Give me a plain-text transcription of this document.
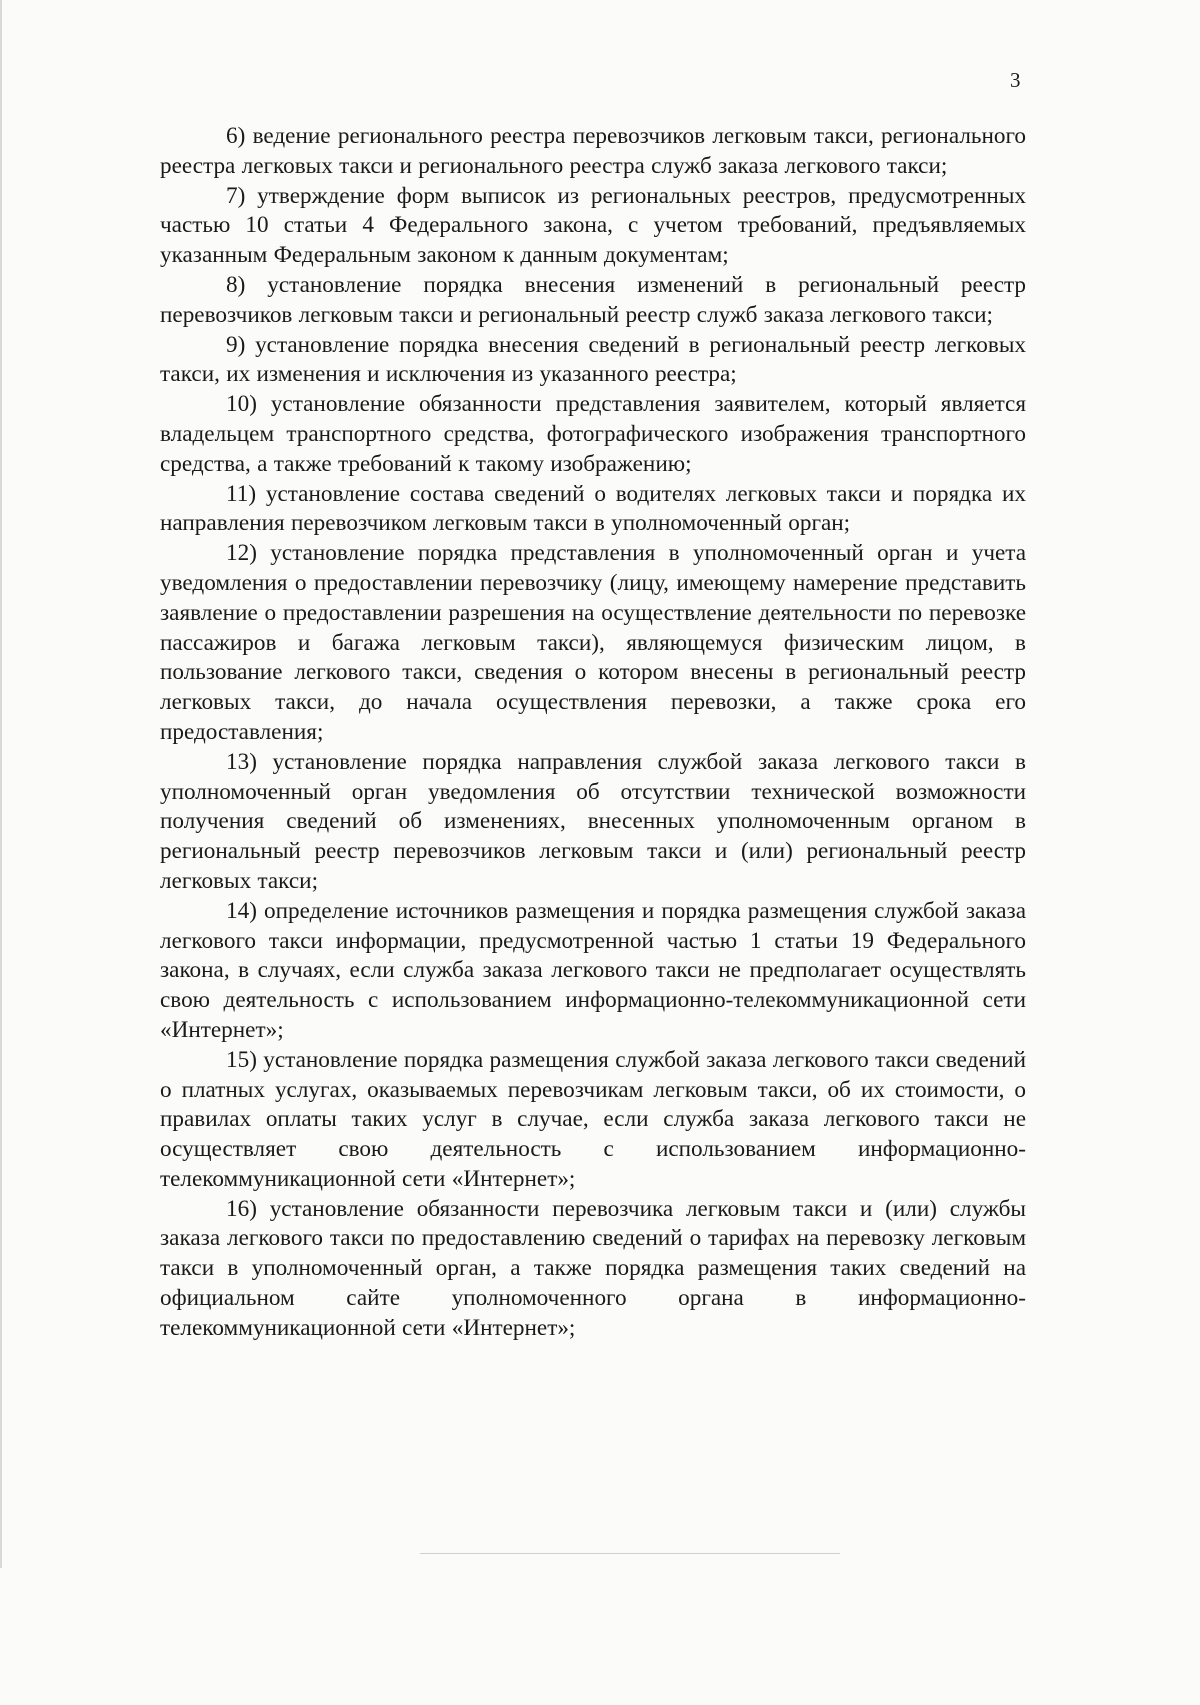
3

6) ведение регионального реестра перевозчиков легковым такси, регионального реестра легковых такси и регионального реестра служб заказа легкового такси;

7) утверждение форм выписок из региональных реестров, предусмотренных частью 10 статьи 4 Федерального закона, с учетом требований, предъявляемых указанным Федеральным законом к данным документам;

8) установление порядка внесения изменений в региональный реестр перевозчиков легковым такси и региональный реестр служб заказа легкового такси;

9) установление порядка внесения сведений в региональный реестр легковых такси, их изменения и исключения из указанного реестра;

10) установление обязанности представления заявителем, который является владельцем транспортного средства, фотографического изображения транспортного средства, а также требований к такому изображению;

11) установление состава сведений о водителях легковых такси и порядка их направления перевозчиком легковым такси в уполномоченный орган;

12) установление порядка представления в уполномоченный орган и учета уведомления о предоставлении перевозчику (лицу, имеющему намерение представить заявление о предоставлении разрешения на осуществление деятельности по перевозке пассажиров и багажа легковым такси), являющемуся физическим лицом, в пользование легкового такси, сведения о котором внесены в региональный реестр легковых такси, до начала осуществления перевозки, а также срока его предоставления;

13) установление порядка направления службой заказа легкового такси в уполномоченный орган уведомления об отсутствии технической возможности получения сведений об изменениях, внесенных уполномоченным органом в региональный реестр перевозчиков легковым такси и (или) региональный реестр легковых такси;

14) определение источников размещения и порядка размещения службой заказа легкового такси информации, предусмотренной частью 1 статьи 19 Федерального закона, в случаях, если служба заказа легкового такси не предполагает осуществлять свою деятельность с использованием информационно-телекоммуникационной сети «Интернет»;

15) установление порядка размещения службой заказа легкового такси сведений о платных услугах, оказываемых перевозчикам легковым такси, об их стоимости, о правилах оплаты таких услуг в случае, если служба заказа легкового такси не осуществляет свою деятельность с использованием информационно-телекоммуникационной сети «Интернет»;

16) установление обязанности перевозчика легковым такси и (или) службы заказа легкового такси по предоставлению сведений о тарифах на перевозку легковым такси в уполномоченный орган, а также порядка размещения таких сведений на официальном сайте уполномоченного органа в информационно-телекоммуникационной сети «Интернет»;
